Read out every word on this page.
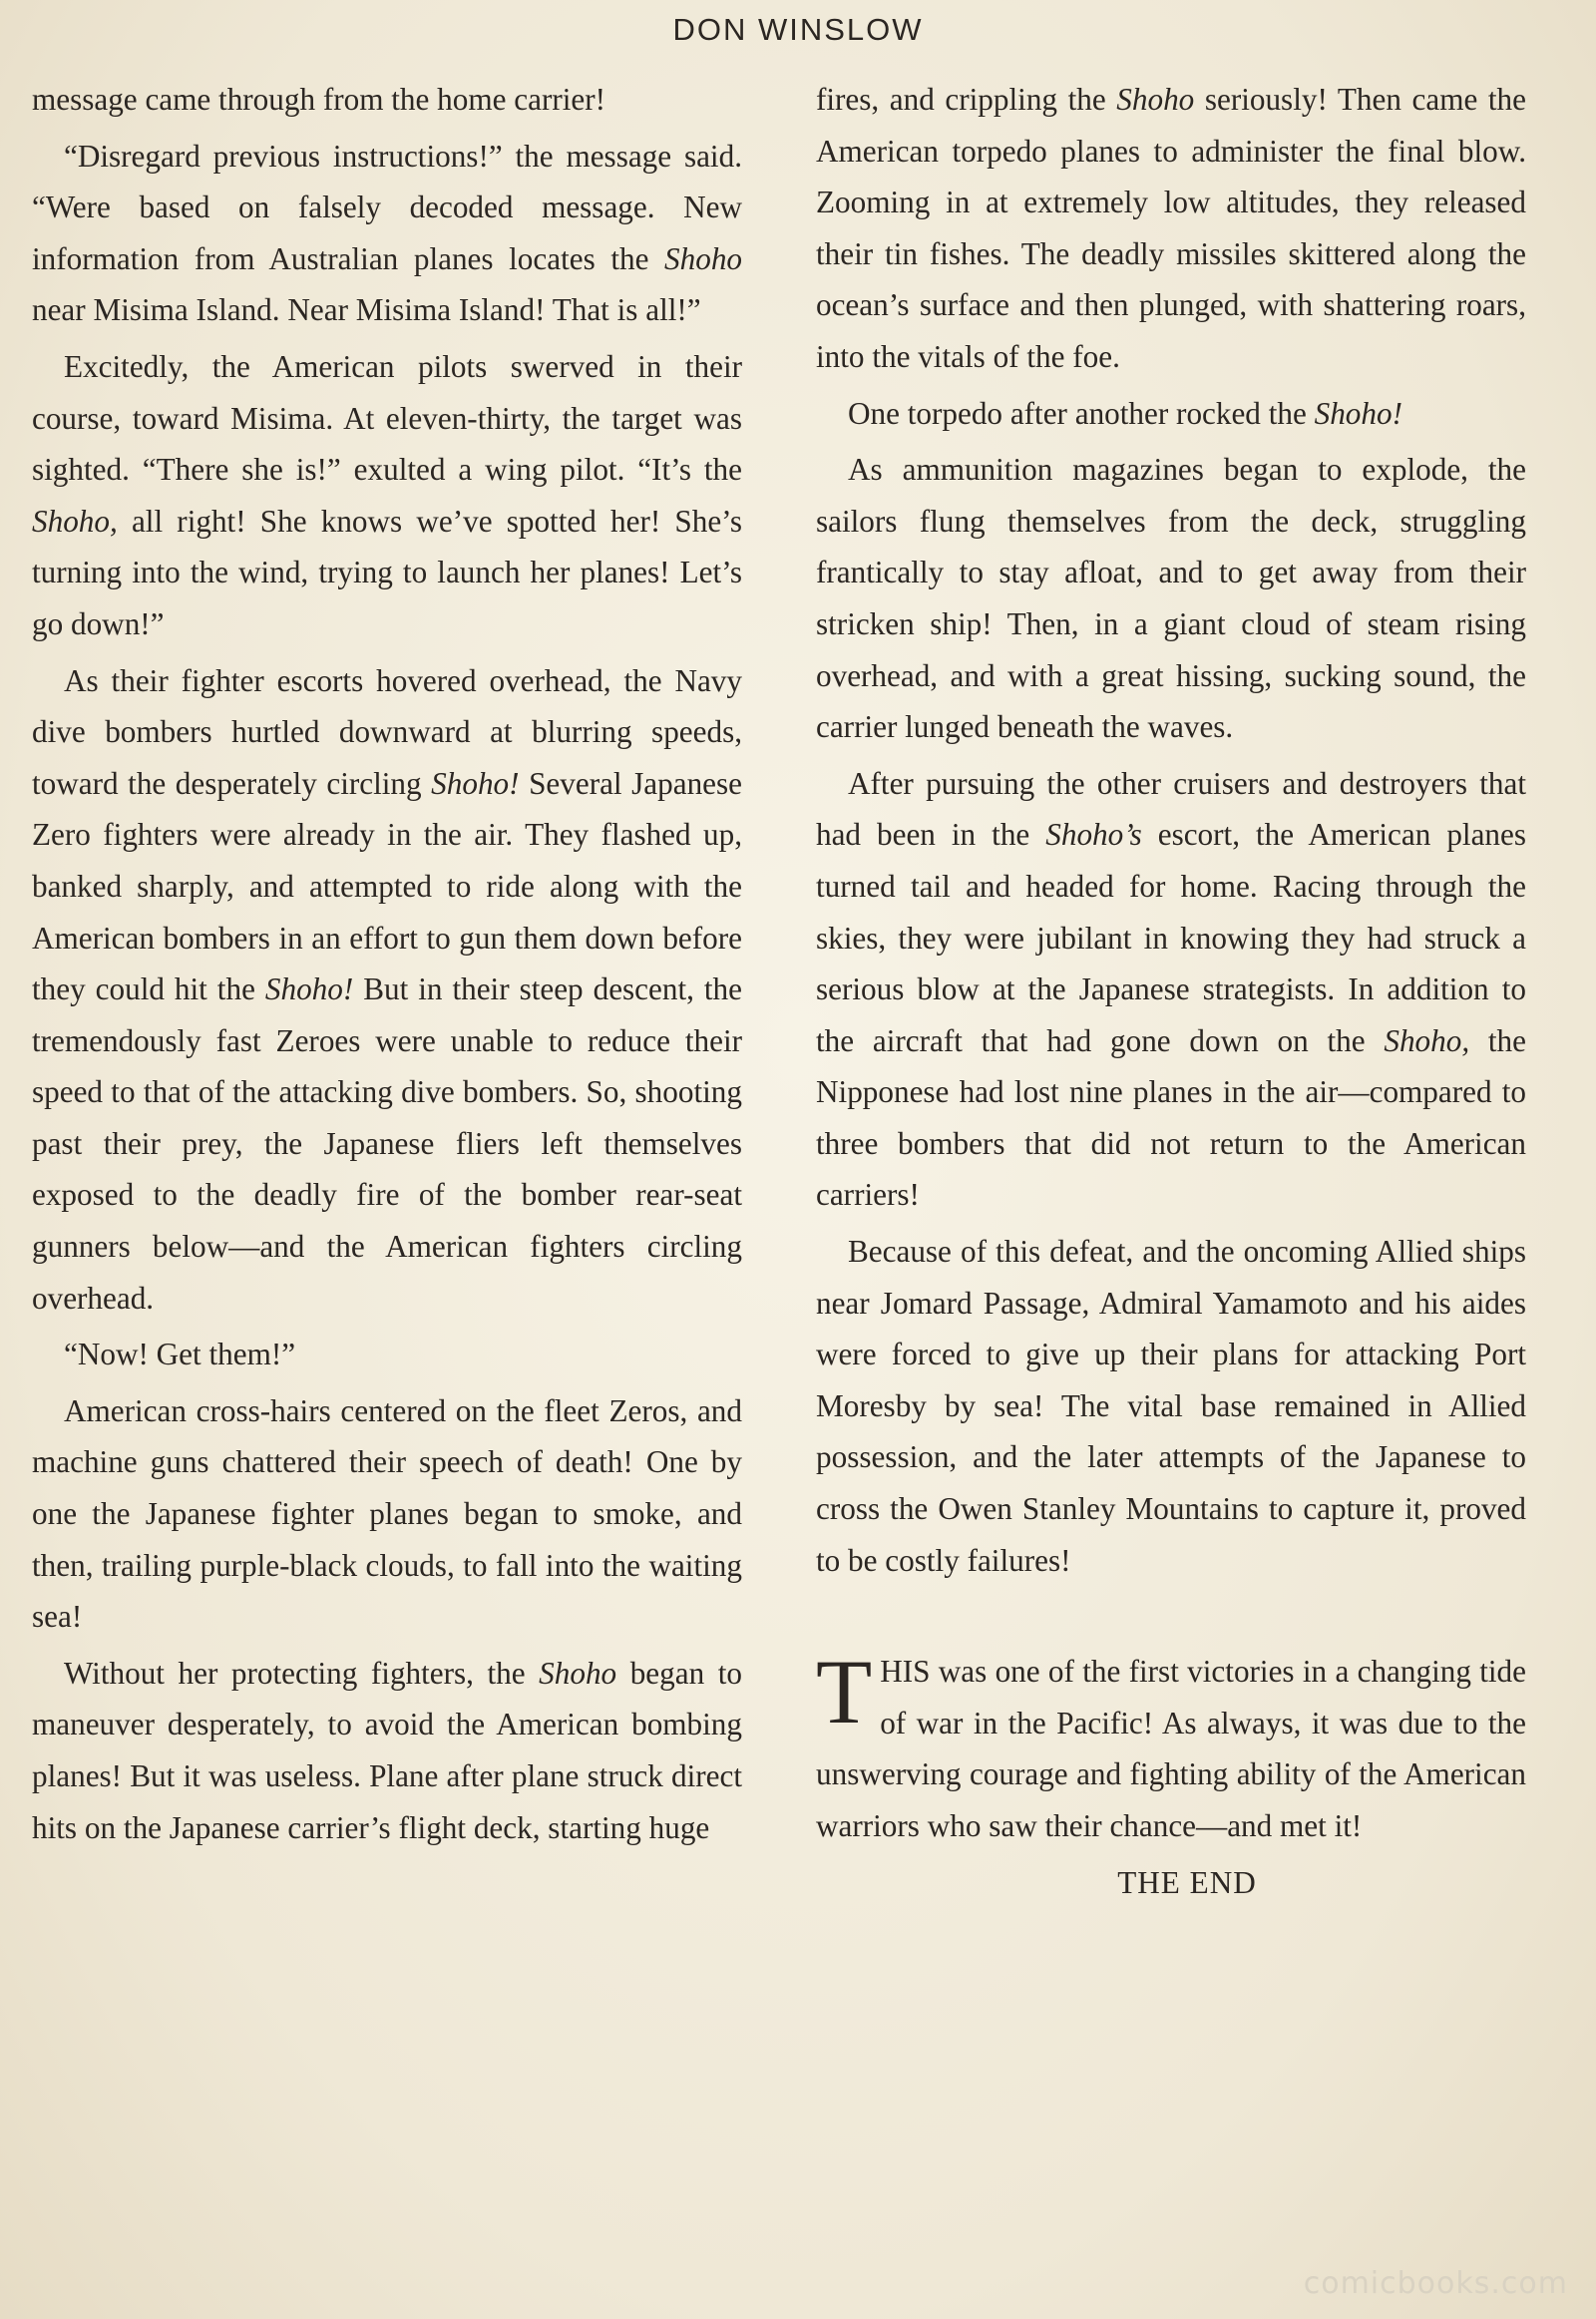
DON WINSLOW

message came through from the home carrier!

“Disregard previous instructions!” the message said. “Were based on falsely decoded message. New information from Australian planes locates the Shoho near Misima Island. Near Misima Island! That is all!”

Excitedly, the American pilots swerved in their course, toward Misima. At eleven-thirty, the target was sighted. “There she is!” exulted a wing pilot. “It’s the Shoho, all right! She knows we’ve spotted her! She’s turning into the wind, trying to launch her planes! Let’s go down!”

As their fighter escorts hovered overhead, the Navy dive bombers hurtled downward at blurring speeds, toward the desperately circling Shoho! Several Japanese Zero fighters were already in the air. They flashed up, banked sharply, and attempted to ride along with the American bombers in an effort to gun them down before they could hit the Shoho! But in their steep descent, the tremendously fast Zeroes were unable to reduce their speed to that of the attacking dive bombers. So, shooting past their prey, the Japanese fliers left themselves exposed to the deadly fire of the bomber rear-seat gunners below—and the American fighters circling overhead.

“Now! Get them!”

American cross-hairs centered on the fleet Zeros, and machine guns chattered their speech of death! One by one the Japanese fighter planes began to smoke, and then, trailing purple-black clouds, to fall into the waiting sea!

Without her protecting fighters, the Shoho began to maneuver desperately, to avoid the American bombing planes! But it was useless. Plane after plane struck direct hits on the Japanese carrier’s flight deck, starting huge

fires, and crippling the Shoho seriously! Then came the American torpedo planes to administer the final blow. Zooming in at extremely low altitudes, they released their tin fishes. The deadly missiles skittered along the ocean’s surface and then plunged, with shattering roars, into the vitals of the foe.

One torpedo after another rocked the Shoho!

As ammunition magazines began to explode, the sailors flung themselves from the deck, struggling frantically to stay afloat, and to get away from their stricken ship! Then, in a giant cloud of steam rising overhead, and with a great hissing, sucking sound, the carrier lunged beneath the waves.

After pursuing the other cruisers and destroyers that had been in the Shoho’s escort, the American planes turned tail and headed for home. Racing through the skies, they were jubilant in knowing they had struck a serious blow at the Japanese strategists. In addition to the aircraft that had gone down on the Shoho, the Nipponese had lost nine planes in the air—compared to three bombers that did not return to the American carriers!

Because of this defeat, and the oncoming Allied ships near Jomard Passage, Admiral Yamamoto and his aides were forced to give up their plans for attacking Port Moresby by sea! The vital base remained in Allied possession, and the later attempts of the Japanese to cross the Owen Stanley Mountains to capture it, proved to be costly failures!

THIS was one of the first victories in a changing tide of war in the Pacific! As always, it was due to the unswerving courage and fighting ability of the American warriors who saw their chance—and met it!

THE END

comicbooks.com
